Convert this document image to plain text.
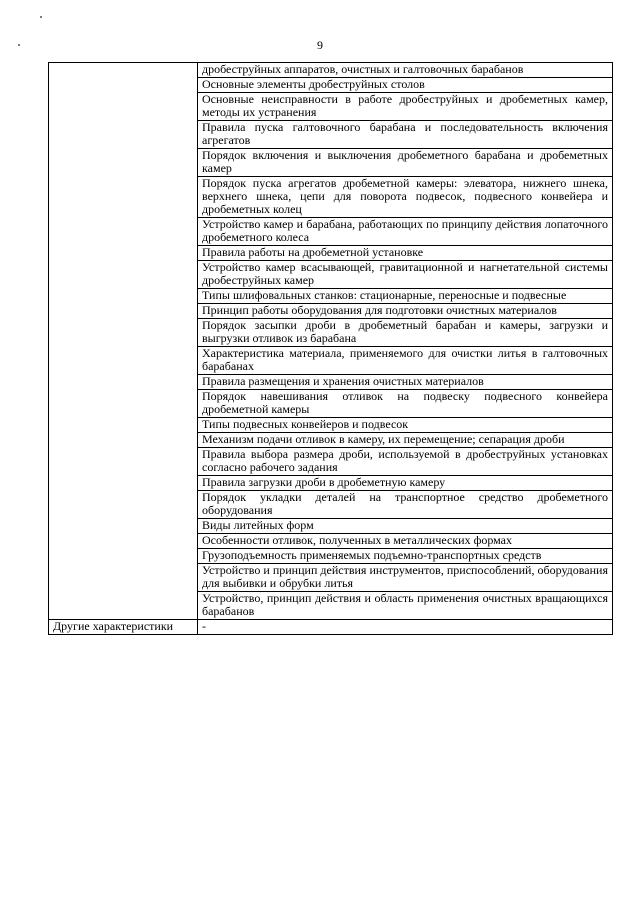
9
	дробеструйных аппаратов, очистных и галтовочных барабанов
	Основные элементы дробеструйных столов
	Основные неисправности в работе дробеструйных и дробеметных камер, методы их устранения
	Правила пуска галтовочного барабана и последовательность включения агрегатов
	Порядок включения и выключения дробеметного барабана и дробеметных камер
	Порядок пуска агрегатов дробеметной камеры: элеватора, нижнего шнека, верхнего шнека, цепи для поворота подвесок, подвесного конвейера и дробеметных колец
	Устройство камер и барабана, работающих по принципу действия лопаточного дробеметного колеса
	Правила работы на дробеметной установке
	Устройство камер всасывающей, гравитационной и нагнетательной системы дробеструйных камер
	Типы шлифовальных станков: стационарные, переносные и подвесные
	Принцип работы оборудования для подготовки очистных материалов
	Порядок засыпки дроби в дробеметный барабан и камеры, загрузки и выгрузки отливок из барабана
	Характеристика материала, применяемого для очистки литья в галтовочных барабанах
	Правила размещения и хранения очистных материалов
	Порядок навешивания отливок на подвеску подвесного конвейера дробеметной камеры
	Типы подвесных конвейеров и подвесок
	Механизм подачи отливок в камеру, их перемещение; сепарация дроби
	Правила выбора размера дроби, используемой в дробеструйных установках согласно рабочего задания
	Правила загрузки дроби в дробеметную камеру
	Порядок укладки деталей на транспортное средство дробеметного оборудования
	Виды литейных форм
	Особенности отливок, полученных в металлических формах
	Грузоподъемность применяемых подъемно-транспортных средств
	Устройство и принцип действия инструментов, приспособлений, оборудования для выбивки и обрубки литья
	Устройство, принцип действия и область применения очистных вращающихся барабанов
Другие характеристики	-
